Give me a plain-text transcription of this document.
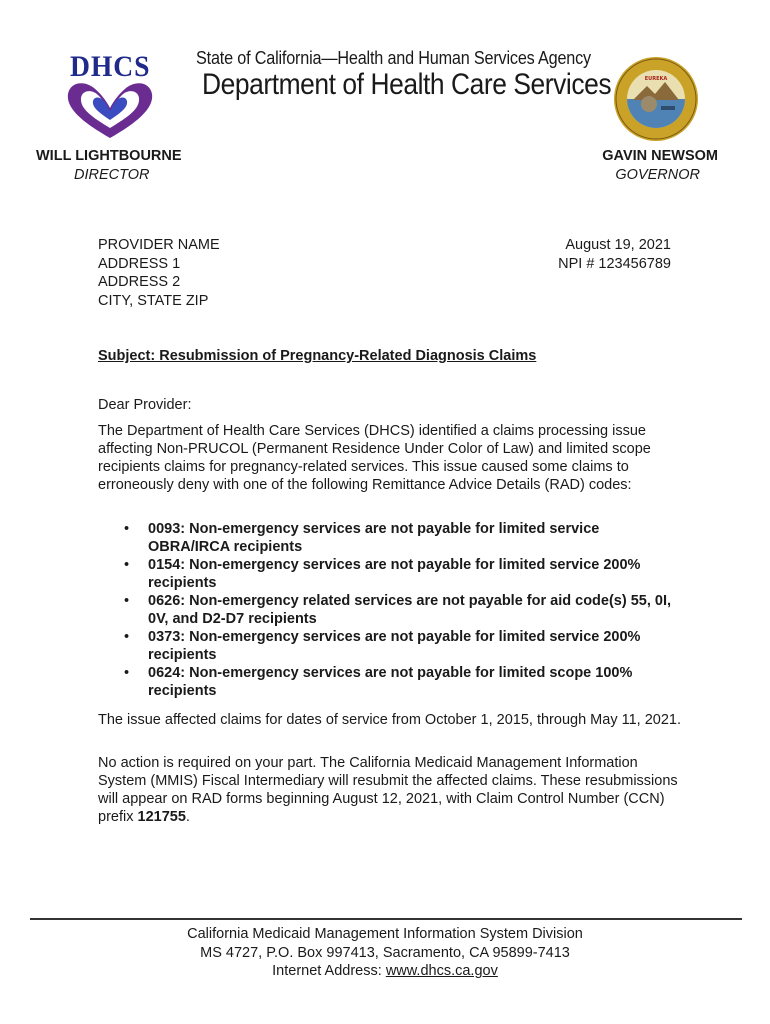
DHCS	State of California—Health and Human Services Agency
Department of Health Care Services	EUREKA
WILL LIGHTBOURNE
DIRECTOR
GAVIN NEWSOM
GOVERNOR
PROVIDER NAME
ADDRESS 1
ADDRESS 2
CITY, STATE ZIP
August 19, 2021
NPI # 123456789
Subject: Resubmission of Pregnancy-Related Diagnosis Claims
Dear Provider:
The Department of Health Care Services (DHCS) identified a claims processing issue affecting Non-PRUCOL (Permanent Residence Under Color of Law) and limited scope recipients claims for pregnancy-related services. This issue caused some claims to erroneously deny with one of the following Remittance Advice Details (RAD) codes:
• 0093: Non-emergency services are not payable for limited service OBRA/IRCA recipients
• 0154: Non-emergency services are not payable for limited service 200% recipients
• 0626: Non-emergency related services are not payable for aid code(s) 55, 0I, 0V, and D2-D7 recipients
• 0373: Non-emergency services are not payable for limited service 200% recipients
• 0624: Non-emergency services are not payable for limited scope 100% recipients
The issue affected claims for dates of service from October 1, 2015, through May 11, 2021.
No action is required on your part. The California Medicaid Management Information System (MMIS) Fiscal Intermediary will resubmit the affected claims. These resubmissions will appear on RAD forms beginning August 12, 2021, with Claim Control Number (CCN) prefix 121755.
California Medicaid Management Information System Division
MS 4727, P.O. Box 997413, Sacramento, CA 95899-7413
Internet Address: www.dhcs.ca.gov
